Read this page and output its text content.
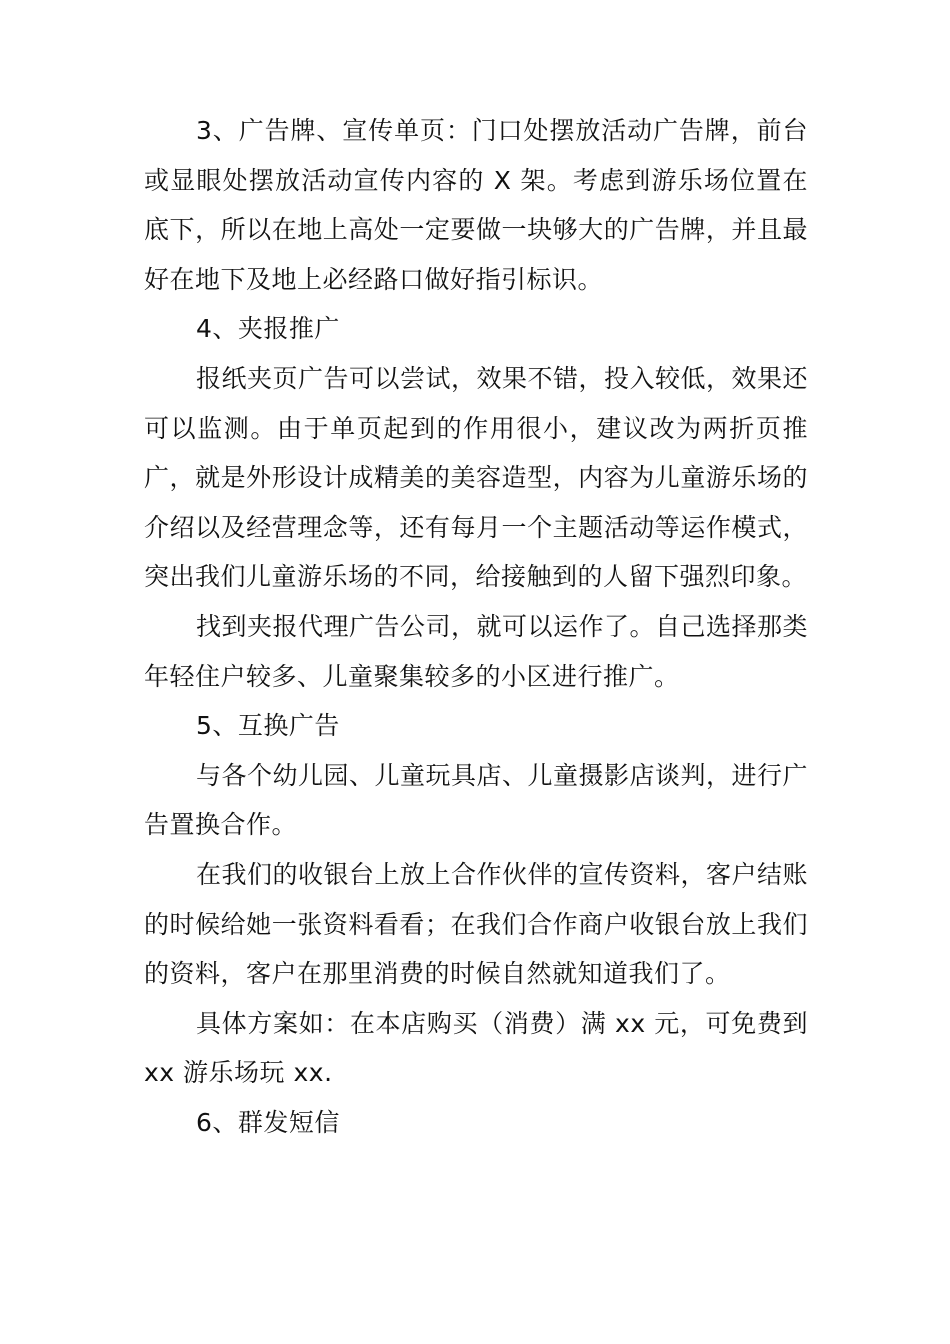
3、广告牌、宣传单页：门口处摆放活动广告牌，前台或显眼处摆放活动宣传内容的 X 架。考虑到游乐场位置在底下，所以在地上高处一定要做一块够大的广告牌，并且最好在地下及地上必经路口做好指引标识。

4、夹报推广

报纸夹页广告可以尝试，效果不错，投入较低，效果还可以监测。由于单页起到的作用很小，建议改为两折页推广，就是外形设计成精美的美容造型，内容为儿童游乐场的介绍以及经营理念等，还有每月一个主题活动等运作模式，突出我们儿童游乐场的不同，给接触到的人留下强烈印象。

找到夹报代理广告公司，就可以运作了。自己选择那类年轻住户较多、儿童聚集较多的小区进行推广。

5、互换广告

与各个幼儿园、儿童玩具店、儿童摄影店谈判，进行广告置换合作。

在我们的收银台上放上合作伙伴的宣传资料，客户结账的时候给她一张资料看看；在我们合作商户收银台放上我们的资料，客户在那里消费的时候自然就知道我们了。

具体方案如：在本店购买（消费）满 xx 元，可免费到 xx 游乐场玩 xx.

6、群发短信
